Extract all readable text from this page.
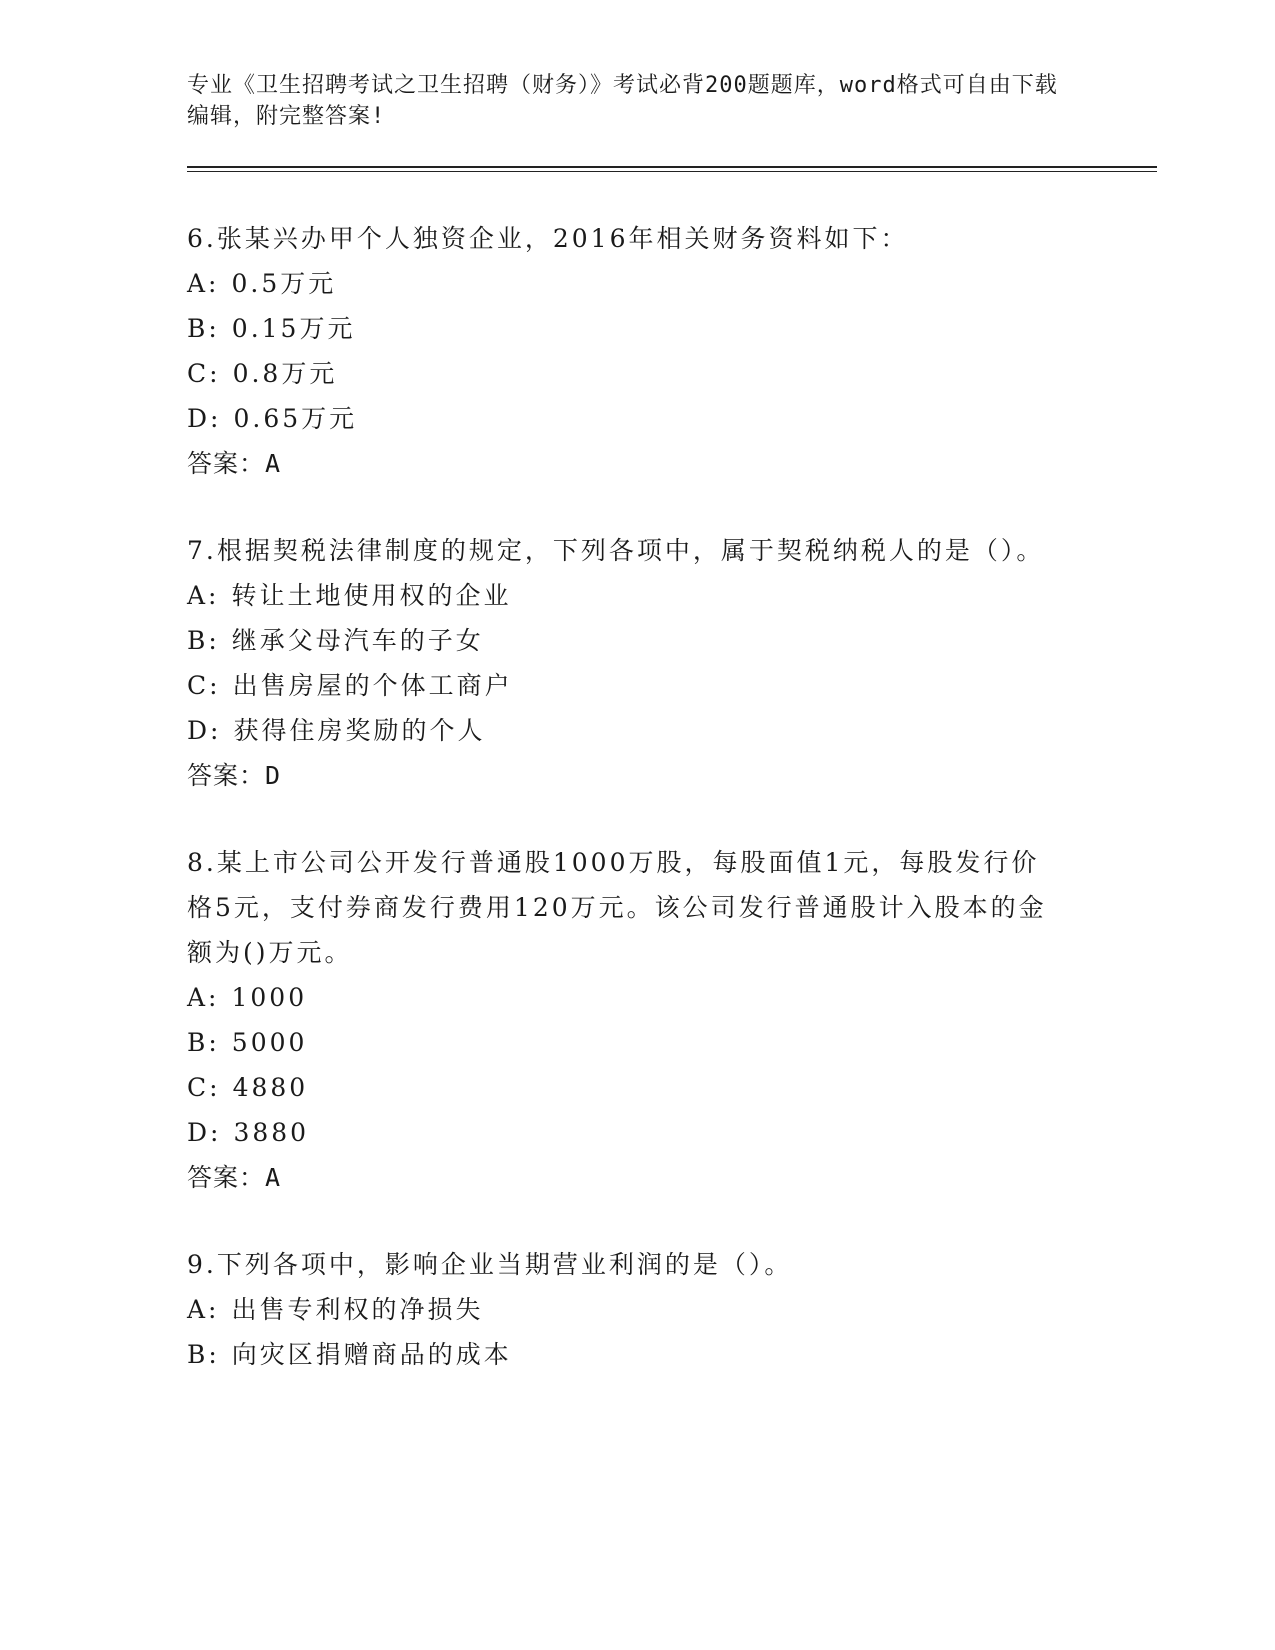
专业《卫生招聘考试之卫生招聘（财务）》考试必背200题题库，word格式可自由下载编辑，附完整答案!

6.张某兴办甲个人独资企业，2016年相关财务资料如下：

A: 0.5万元

B: 0.15万元

C: 0.8万元

D: 0.65万元

答案：A

7.根据契税法律制度的规定，下列各项中，属于契税纳税人的是（）。

A: 转让土地使用权的企业

B: 继承父母汽车的子女

C: 出售房屋的个体工商户

D: 获得住房奖励的个人

答案：D

8.某上市公司公开发行普通股1000万股，每股面值1元，每股发行价格5元，支付券商发行费用120万元。该公司发行普通股计入股本的金额为()万元。

A: 1000

B: 5000

C: 4880

D: 3880

答案：A

9.下列各项中，影响企业当期营业利润的是（）。

A: 出售专利权的净损失

B: 向灾区捐赠商品的成本
